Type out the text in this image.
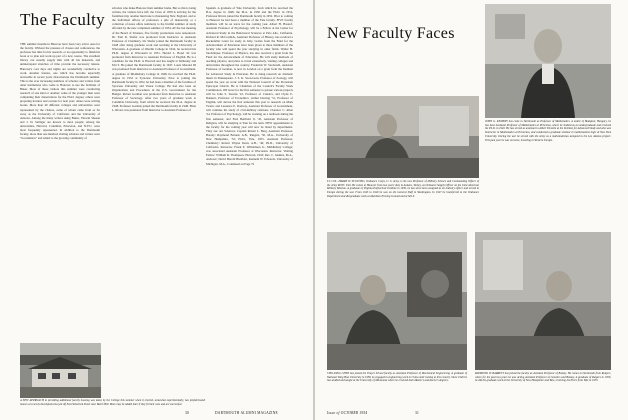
The Faculty
THE summer months in Hanover have been very active ones for the faculty. Without the pressure of classes and conferences, the professor has time for his research, or an opportunity to finish his book or to plan and work up part of a new course. The excellent library can usually supply him with all his materials, and uninterrupted stretches of time provide the necessary leisure. Hanover's cool days and nights are wonderfully conducive to work. Another feature, one which has become especially noticeable in recent years characterizes the Dartmouth summer. This is the ever increasing numbers of scholars and writers from other institutions who come to Hanover to use the facilities of Baker. Most of these visitors this summer were conducting research of one kind or another; some of the younger men were completing their dissertations for the Ph.D. degree; others were preparing lectures and courses for next year; others were writing books. More than 40 different colleges and universities were represented by the visitors, some of whom came from as far away as the University of California and the University of Arizona. Among the many writers using Baker, Vincent Sheean and J. D. Salinger are known to most people; among the universities, Harvard, Columbia, Princeton, and N.Y.U. were most frequently represented. In addition to the Dartmouth faculty, more than one hundred visiting scholars and writers were "in residence" and added to the growing community of
scholars who make Hanover their summer home. But so this is being written, the visitors have left; the Class of 1958 is arriving for the freshman trip; another hurricane is threatening New England, and to the individual offices of professors a pile of manuscript or a collection of notes offers testimony to the fruitful summer of study afforded by the new completed summer of 1954. AT the last meeting of the Board of Trustees, five faculty promotions were announced. Dr. Paul R. Shafer was promoted from Instructor to Assistant Professor of Chemistry. Dr. Shafer joined the Dartmouth faculty in 1948 after doing graduate work and teaching at the University of Wisconsin. A graduate of Oberlin College in 1942, he received his Ph.D. degree at Wisconsin in 1951. Harold L. Bond '42 was promoted from Instructor to Assistant Professor of English. He is a candidate for the Ph.D. at Harvard and has taught at Wellesley and M.I.T. He joined the Dartmouth faculty in 1947. Louis Morand III was promoted from Instructor to Assistant Professor of Government. A graduate of Middlebury College in 1948, he received the Ph.D. degree in 1952 at Syracuse University. Prior to joining the Dartmouth faculty in 1952, he had been a member of the faculties of Syracuse University and Vassar College. He had also been on Organization and Procedures in the U.S. Government for the Budget. Robert Gorman was promoted from Instructor to Assistant Professor of Sociology. After two years of graduate work at Columbia University, from which he received the M.A. degree in 1948, Professor Gorman joined the Dartmouth faculty in 1948. Elien L. Rivers was promoted from Instructor to Assistant Professor of
Spanish. A graduate of Yale University, from which he received the B.A. degree in 1948, the M.A. in 1950 and the Ph.D. in 1952, Professor Rivers joined the Dartmouth faculty in 1952. Prior to coming to Hanover he had been a member of the Yale faculty. FIVE faculty members will be on leave for the coming year. Albert H. Hastorf, Assistant Professor of Psychology, will be a Fellow at the Center for Advanced Study in the Behavioral Sciences at Palo Alto, California. Richard R. McCormick, Assistant Professor of History, has received a Rockefeller Grant for study in Italy. Grants from the Fund for the Advancement of Education have been given to three members of the faculty who will spend the year studying in other fields. Walter H. Stockmayer, Professor of Physics, has also received a grant from the Fund for the Advancement of Education. He will study methods of teaching physics, and plans to travel extensively, visiting colleges and universities throughout the country. Frederick W. Stockwell, Assistant Professor of German, is now in London on a grant from the Institute for Advanced Study in Princeton. He is doing research on dramatic music in Shakespeare. J. S. K. Soon-Goin, Professor of Zoology, will spend the year on work with the National Council of the Protestant Episcopal Church. He is Chairman of the Council's Faculty Work Commission. ON leave for the first semester to pursue various projects will be John S. Stearns '22, Professor of Classics, and Clyde E. Dankert, Professor of Economics. Arthur Dewing '51, Professor of English, will devote the first semester this year to research on Mark Twain; and Laurence E. Radway, Assistant Professor of Government, will continue his study of civil-military relations. Clarence C. Allen '24, Professor of Psychology, will be working on a textbook during the first semester, and Fred Berthold Jr. '45, Assistant Professor of Religion, will be studying at Yale for the term. NEW appointments to the faculty for the coming year will now be listed by departments. They are: Art Sciences: Captain Robert L. Berg, Assistant Professor. Botany: Raymond Barnett, A.B., Rutgers, '50, M.A., University of New Hampshire, '52; Ph.D., Yale, 1955. Assistant Professor. Chemistry: Robert Wayne Dean, A.B., '46; Ph.D., University of California. Instructor. Frank E. Williamson Jr., Middlebury College; was associated Assistant Professor at Wisconsin. Instructor. Visiting Fellow: William R. Thompson, Harvard, 1943; Rev. C. Jenkins, M.A., Andover; David Harold Breitbart, Kenneth W. Edwards, University of Michigan, M.A., Continued on Page 72
A NEW APPROACH to providing additional faculty housing was taken by the College this summer when it erected, somewhat experimentally, two prefabricated houses at a newly developed area just off East Wheelock Street near Balch Hill. More may be added later if they fit their uses and are successful.
30	DARTMOUTH ALUMNI MAGAZINE
New Faculty Faces
JOHN G. KEMENY has come to Dartmouth as Professor of Mathematics. A native of Budapest, Hungary, he has been Assistant Professor of Mathematics at Princeton, where he studied as an undergraduate and received his Ph.D. in 1949. He has served as assistant to Albert Einstein at the Institute for Advanced Study and also was Instructor in Mathematics at Princeton, and conducted a graduate seminar in mathematical logic at New York University. During the war he served with the Army as a mathematician assigned to the Los Alamos project. This past year he was on leave, traveling in Western Europe.
LT. COL. HARRY W. STULTING, Ordnance Corps, U. S. Army, is the new Professor of Military Science and Commanding Officer of the Army ROTC Unit. He comes to Hanover from two years' duty in Ankara, Turkey, as Ordnance Supply Officer on the Joint American Military Mission. A graduate of Virginia Polytechnic Institute in 1936, he has since been assigned as an industry officer and served in Europe during the war. From 1945 to 1949 he was on the General Staff in Washington. In 1947 he transferred to the Ordnance Department and did graduate work at Aberdeen Proving Ground and at M.I.T.
CHO-YANG CHEN has joined the Thayer School faculty as Assistant Professor of Mechanical Engineering. A graduate of National Tsing Hua University in 1938, he engaged in engineering work in China until coming to this country. Since 1946 he has studied and taught at the University of Minnesota where he received both Master's and doctor's degrees.
RAYMOND W. BARRETT has joined the faculty as Assistant Professor of Botany. He comes to Dartmouth from Rutgers, where for the past two years he was Acting Assistant Professor of Genetics and Botany. A graduate of Rutgers in 1950, he did his graduate work at the University of New Hampshire and Yale, receiving his Ph.D. from Yale in 1953.
Issue of OCTOBER 1954	31
